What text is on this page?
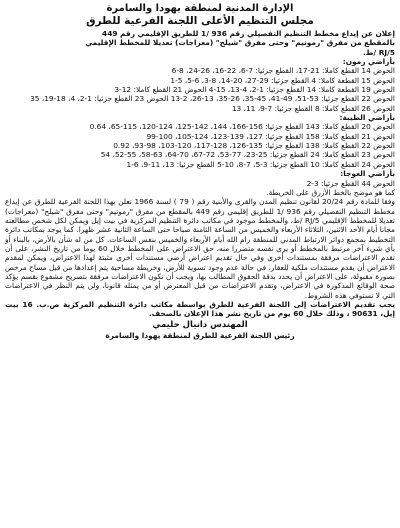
الإدارة المدنية لمنطقة يهودا والسامرة

مجلس التنظيم الأعلى اللجنة الفرعية للطرق

إعلان عن إيداع مخطط التنظيم التفصيلي رقم 936 /1 للطريق الإقليمي رقم 449
بالمقطع من مفرق "رموتيم" وحتى مفرق "شيلح" (معراجات) تعديلا للمخطط الإقليمي
RJ/5 /ط.
بأراضي رمون:
الحوض 14 القطع كاملا: 21-17، القطع جزئيا: 7-6، 22-16، 26-24، 8-6
الحوض 15 القطعة كاملا: 4 القطع جزئيا: 29-27، 20-14، 8-3، 6-5، 5-1
الحوض 19 القطعة كاملا: 14 القطع جزئيا: 1-2، 4-13، 15-4 الحوض 21 القطع كاملا: 12-3
الحوض 22 القطع جزئيا: 53-51، 49-41، 45-35، 26-35، 13-26، 2-13 الحوض 23 القطع جزئيا: 1-2، 4، 18-19، 35
الحوض 26 القطع كاملا: 8 القطع جزئيا: 7-9، 11، 13
بأراضي الطيبة:
الحوض 20 القطع كاملا: 143 القطع جزئيا: 156-166، 144، 142-125، 124-120، 115-65، 0.64
الحوض 21 القطع كاملا: 158 القطع جزئيا: 127، 139-123، 124-105، 100-99
الحوض 22 القطع كاملا: 138 القطع جزئيا: 135-126، 128-117، 120-103، 98-93، 0.92
الحوض 23 القطع كاملا: 24 القطع جزئيا: 25-23، 77-53، 72-67، 70-64، 63-58، 55-52، 54
الحوض 24 القطع كاملا: 10 القطع جزئيا: 3-5، 7-8، 10-5 القطع جزئيا: 13، 11-9، 6-1
بأراضي العوجا:
الحوض 44 القطع جزئيا: 3-2

كما هو موضح بالخط الأزرق على الخريطة.

وفقا للمادة رقم 20/24 لقانون تنظيم المدن والقرى والأبنية رقم ( 79 ) لسنة 1966 تعلن بهذا اللجنة الفرعية للطرق عن إيداع مخطط التنظيم التفصيلي رقم 936 /1 للطريق إقليمي رقم 449 بالمقطع من مفرق "رموتيم" وحتى مفرق "شيلح" (معراجات) تعديلا للمخطط الإقليمي RJ/5 /ط، والمخطط موجود في مكاتب دائرة التنظيم المركزية في بيت إيل ويمكن لكل شخص مطالعته مجانا أيام الأحد الاثنين، الثلاثاء الأربعاء والخميس من الساعة الثامنة صباحا حتى الساعة الثانية عشر ظهرا. كما يوجد بمكاتب دائرة التخطيط بمجمع دوائر الارتباط المدني للمنطقة رام الله أيام الأربعاء والخميس بنفس الساعات. كل من له شأن بالأرض، بالبناء أو بأي شيء آخر مرتبط بالمخطط أو يرى نفسه متضررا منه، حق الاعتراض على المخطط خلال 60 يوما من تاريخ النشر، على أن تقدم الاعتراضات مرفقة بمستندات أخرى وفي حال تقديم اعتراض أرضي مستندات أخرى مثبتة لهذا الاعتراض، ويمكن لمقدم الاعتراض أن يقدم مستندات ملكية للعقار، في حالة عدم وجود تسوية للأرض، وخريطة مساحية يتم إعدادها من قبل مساح مرخص بصورة مقبولة، على الاعتراض أن يحدد بدقة الحقوق المطالب بها، ويجب أن تكون الاعتراضات مرفقة بتصريح مشفوع بقسم يؤكد صحة الوقائع المذكورة في الاعتراض، وتقدم الاعتراضات من قبل المعترض أو من يمثله قانونا، ولن يتم النظر في الاعتراضات التي لا تستوفي هذه الشروط.

يجب تقديم الاعتراضات إلى اللجنة الفرعية للطرق بواسطة مكاتب دائرة التنظيم المركزية ص.ب. 16 بيت إيل، 90631 ، وذلك خلال 60 يوم من تاريخ نشر هذا الإعلان بالصحف.

المهندس دانيال حليمي

رئيس اللجنة الفرعية للطرق لمنطقة يهودا والسامرة
